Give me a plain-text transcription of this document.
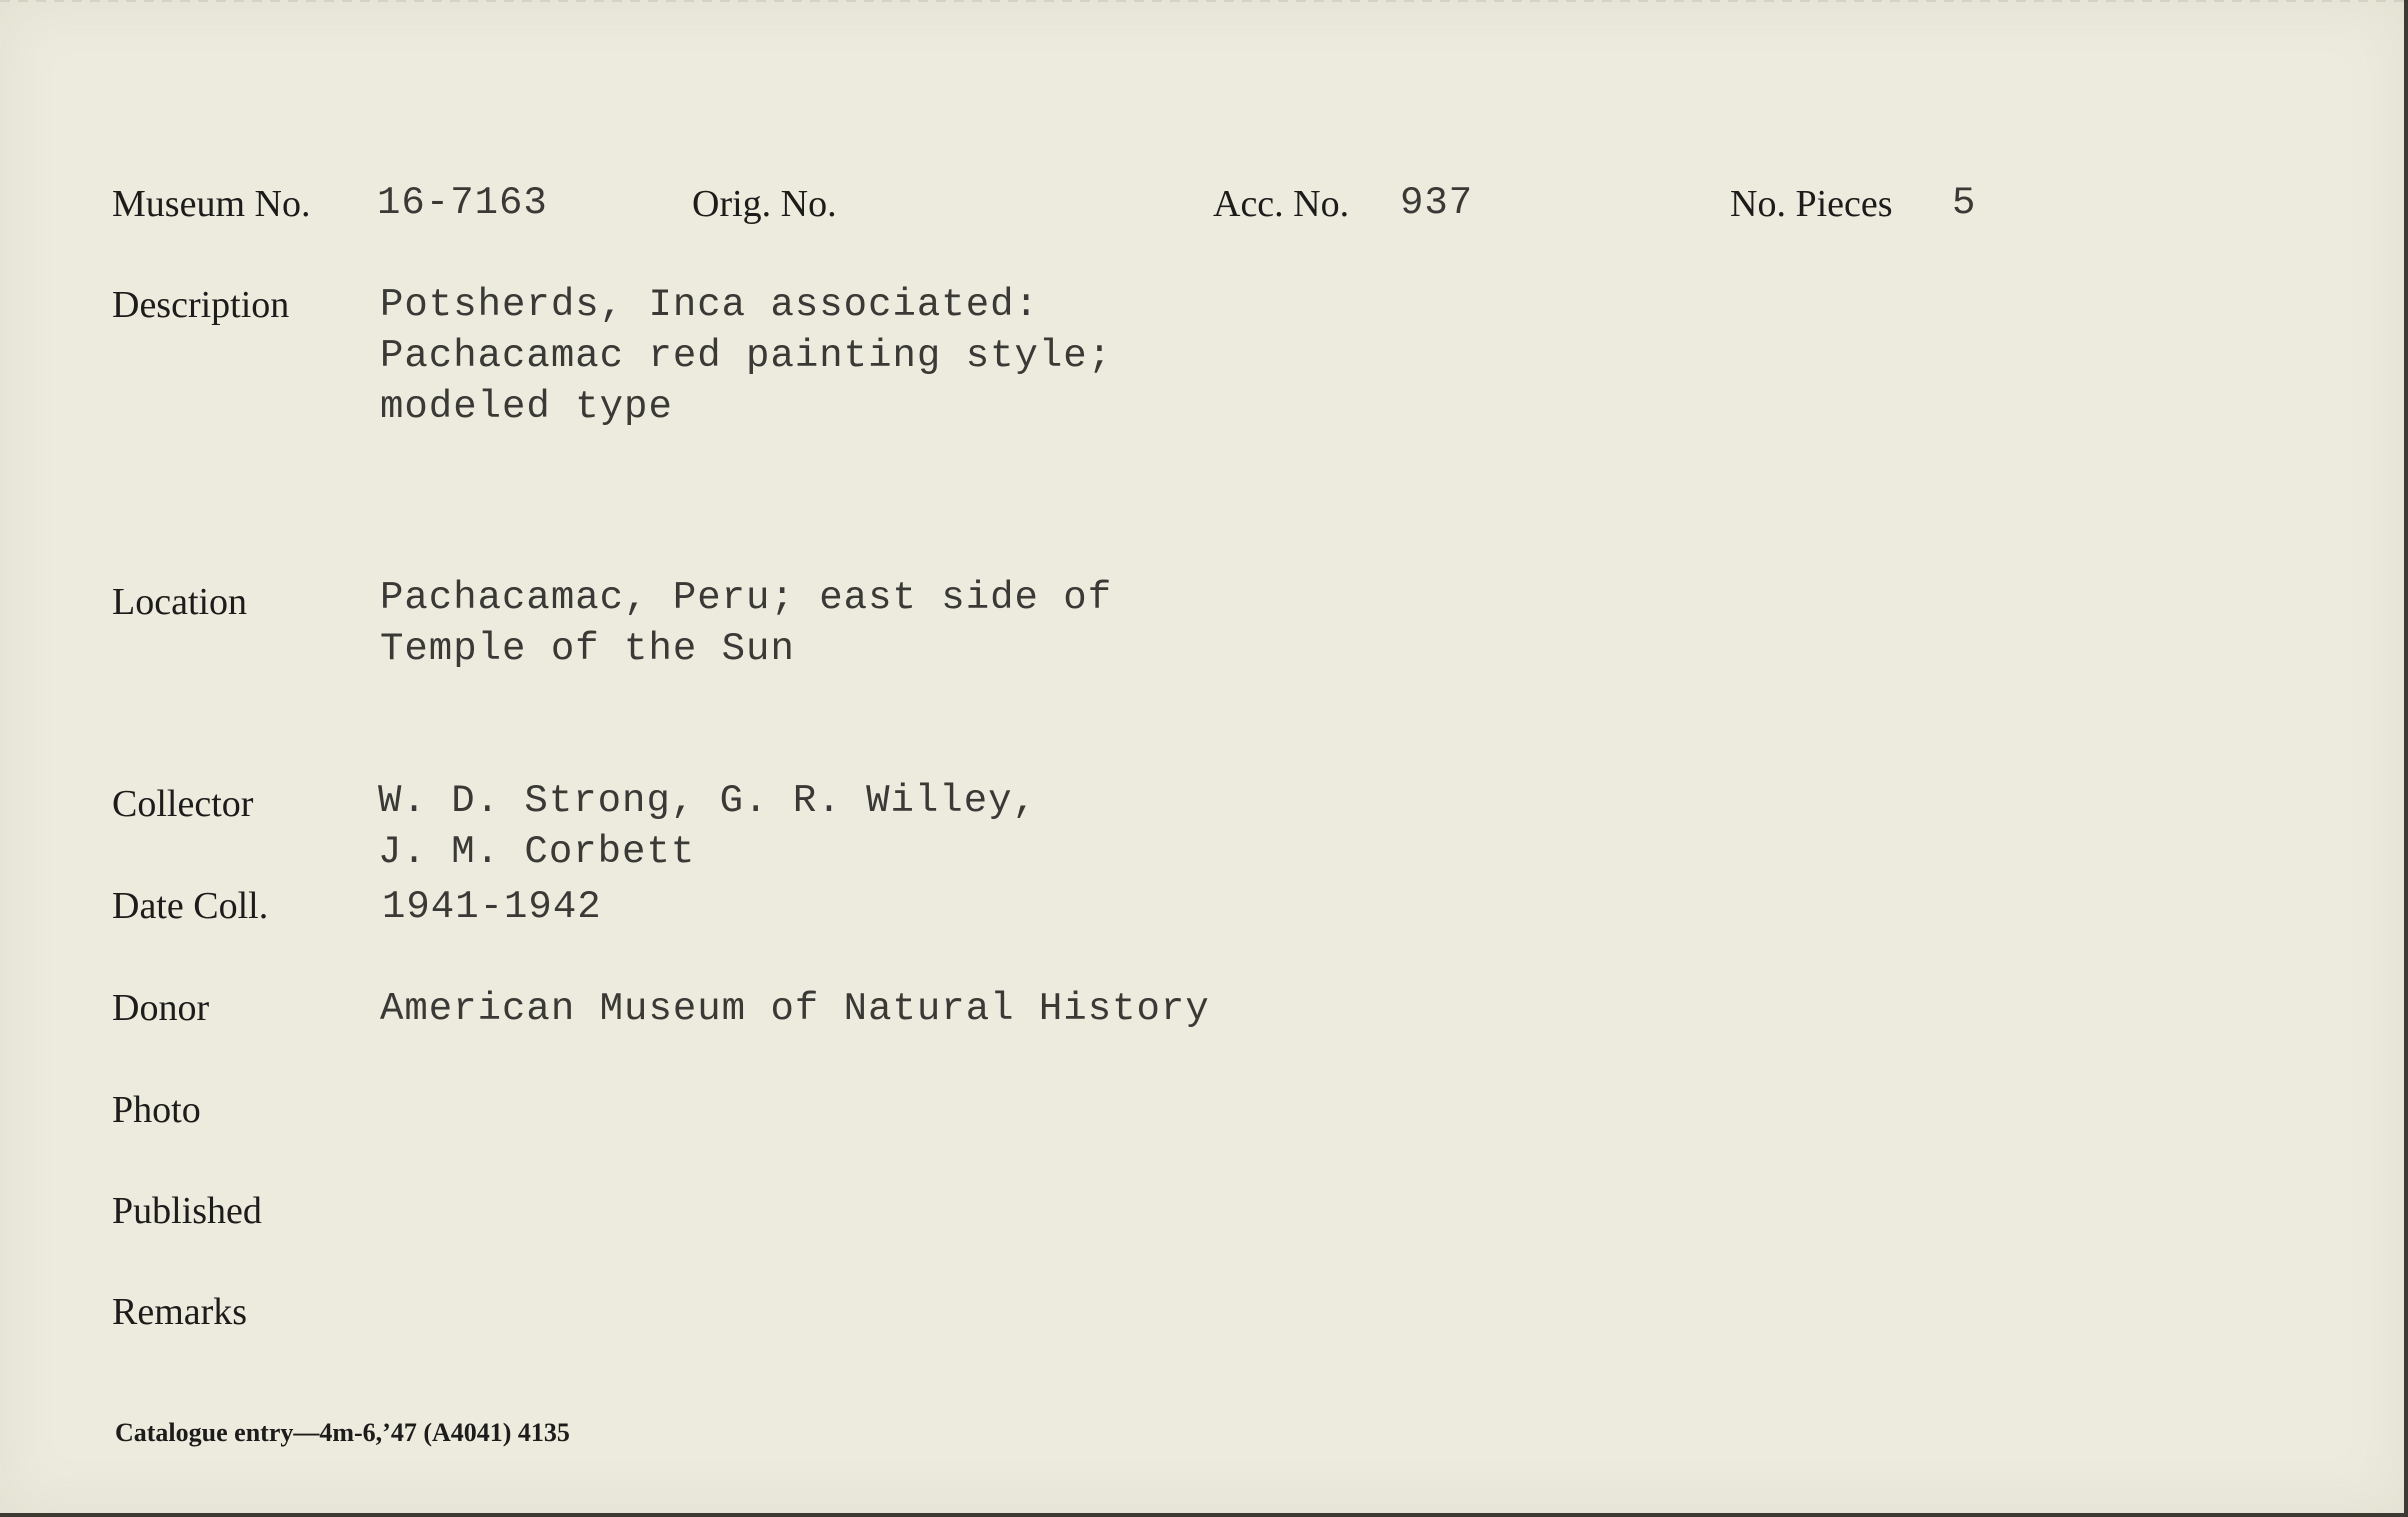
Museum No. 16-7163	Orig. No.	Acc. No. 937	No. Pieces 5
Description Potsherds, Inca associated:
Pachacamac red painting style;
modeled type
Location	Pachacamac, Peru; east side of
Temple of the Sun
Collector	W. D. Strong, G. R. Willey,
J. M. Corbett
Date Coll.	1941-1942
Donor	American Museum of Natural History
Photo
Published
Remarks
Catalogue entry—4m-6,’47 (A4041) 4135
